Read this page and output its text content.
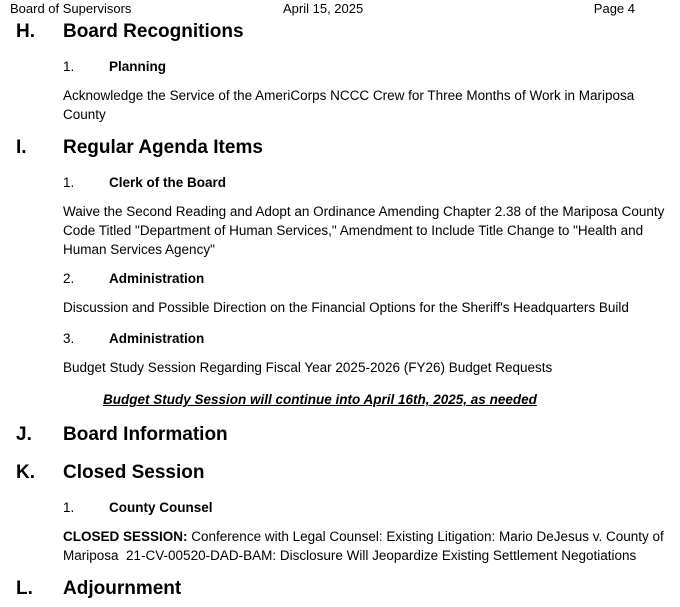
Board of Supervisors	April 15, 2025	Page 4
H. Board Recognitions
1.	Planning
Acknowledge the Service of the AmeriCorps NCCC Crew for Three Months of Work in Mariposa County
I. Regular Agenda Items
1.	Clerk of the Board
Waive the Second Reading and Adopt an Ordinance Amending Chapter 2.38 of the Mariposa County Code Titled "Department of Human Services," Amendment to Include Title Change to "Health and Human Services Agency"
2.	Administration
Discussion and Possible Direction on the Financial Options for the Sheriff's Headquarters Build
3.	Administration
Budget Study Session Regarding Fiscal Year 2025-2026 (FY26) Budget Requests
Budget Study Session will continue into April 16th, 2025, as needed
J. Board Information
K. Closed Session
1.	County Counsel
CLOSED SESSION: Conference with Legal Counsel: Existing Litigation: Mario DeJesus v. County of Mariposa  21-CV-00520-DAD-BAM: Disclosure Will Jeopardize Existing Settlement Negotiations
L. Adjournment
